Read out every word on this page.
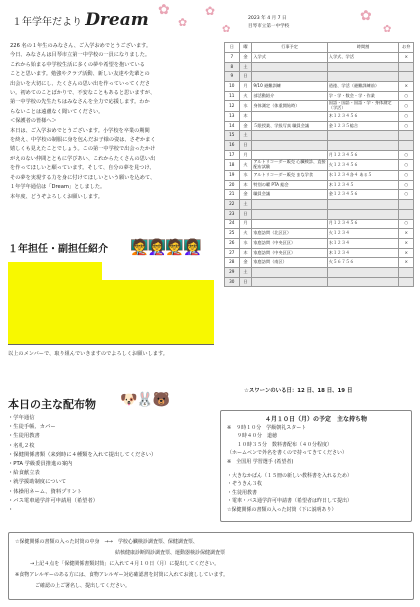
１年学年だより Dream ✿
✿
✿
✿
✿
✿
2023 年 4 月 7 日
目琴市立第一中学校

226 名の１年生のみなさん、ご入学おめでとうございます。

今日、みなさんは目琴市立第一中学校の一員になりました。

これから始まる中学校生活に多くの夢や希望を抱いている

ことと思います。勉強やクラブ活動、新しい友達や先輩との

出会いを大切にし、たくさんの思い出を作っていってくださ

い。初めてのことばかりで、不安なこともあると思いますが、

第一中学校の先生たちはみなさんを全力で応援します。わか

らないことは遠慮なく聞いてください。

＜保護者の皆様へ＞

本日は、ご入学おめでとうございます。小学校を卒業の期間

を終え、中学校の制服に身を包んだお子様の姿は、さぞかまく

嬉しくも見えたことでしょう。この第一中学校で出会ったかけ

がえのない仲間とともに学びあい、これからたくさんの思い出

を作ってほしいと願っています。そして、自分の夢を見つけ、

その夢を実現する力を身に付けてほしいという願いを込めて、

１年学年通信は「Dream」としました。

本年度、どうぞよろしくお願いします。

１年担任・副担任紹介 🧑‍🏫👩‍🏫🧑‍🏫👩‍🏫
以上のメンバーで、取り組んでいきますのでよろしくお願いします。
日	曜	行事予定	時間割	お弁
7	金	入学式	入学式、学活	×
8	土			
9	日			
10	月	9/10 避難訓練	道徳、学活（避難訓練前）	×
11	火	部活動紹介	学・学・数会・学・作業	○
12	水	身体測定（体重開始時）	国語・国語・国語・学・身体測定（学活）	○
13	木		木１２３４５６	○
14	金	５限授業、学級写真 職員会議	金１２３５総合	○
15	土			
16	日			
17	月		月１２３４５６	○
18	火	アルトリコーダー販売 心臓検診、直接配布試験	火１２３４５６	○
19	水	アルトリコーダー販売 まな学食	水１２３４各４ ある５	○
20	木	特別の曜 PTA 総会	木１２３４５	○
21	金	職員会議	金１２３４５６	○
22	土			
23	日			
24	月		月１２３４５６	○
25	火	家庭訪問（北区区）	火１２３４	×
26	水	家庭訪問（中央区区）	水１２３４	×
27	木	家庭訪問（中央区区）	木１２３４	×
28	金	家庭訪問（南区）	火５６７５６	×
29	土			
30	日			
☆スワーンのいる日：12 日、18 日、19 日
本日の主な配布物 🐶🐰🐻
・学年通信
・生徒手帳、カバー
・生徒用教書
・名札２枚
・保健関係書類（来到時に４種類を入れて提出してください）
・PTA 学級委員推進の案内
・給食献立表
・就学援助制度について
・体操用ネーム、資料プリント
・バス電車通学許可申請用（希望者）
・
４月１０日（月）の予定　主な持ち物
※　９時１０分　学級朝礼スタート
　　９時４０分　道徳
　　１０時３５分　数料書配布（４０分程度）
（ホームベンで外名を書くので持ってきてください）
※　全国用 学習選手 (希望者)
・大きなかばん（１５冊の新しい教科書を入れるため）
・ぞうきん３枚
・生徒用教書
・電車・バス通学許可申請書（希望者は昨日して提出）
☆保健関係の書類の入った封筒（下に説明あり）
☆保健関係の書類の入った封筒の中身　→→　学校心臓検診調査票、保健調査票、
　　　　　　　　　　　　　　　　　　　　結核健康診断問診調査票、運動器検診保健調査票
　　　→上記４点を「保健関係書類封筒」に入れて４月１０日（月）に提出してください。
※食物アレルギーのある方には、食物アレルギー対応確認書を封筒に入れてお渡ししています。
　　　　ご確認の上ご署名し、提出してください。
